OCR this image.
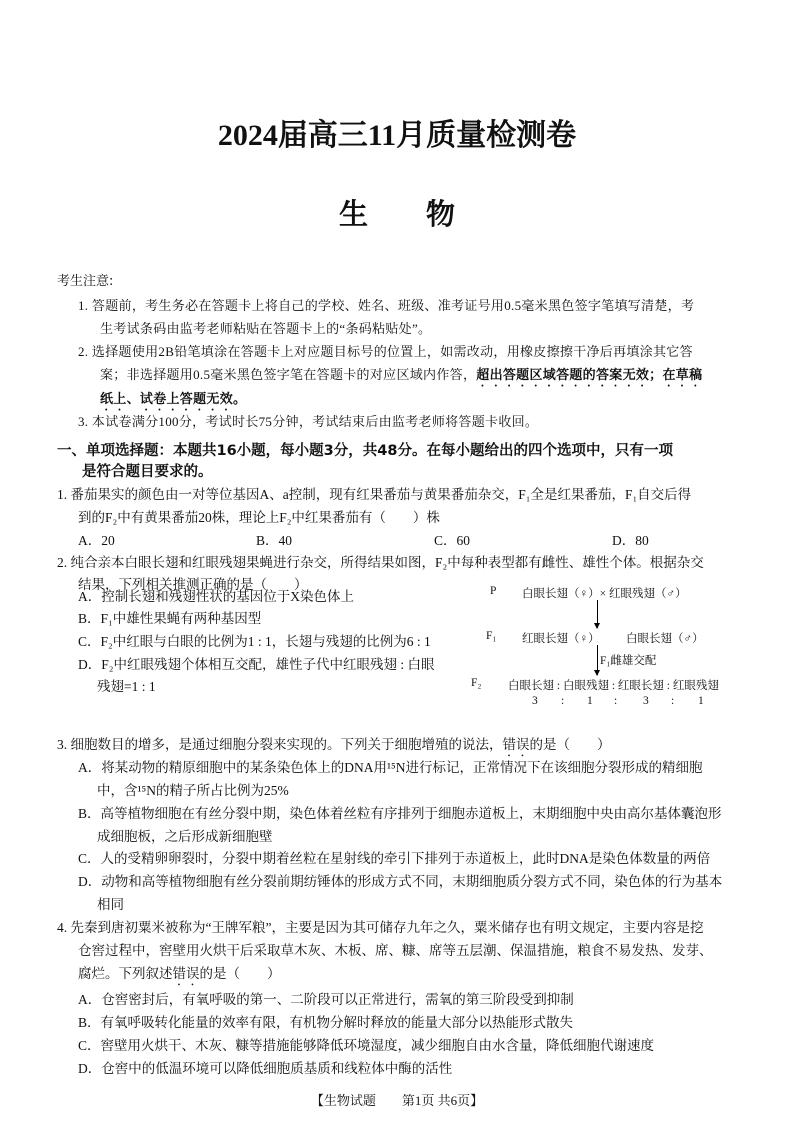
2024届高三11月质量检测卷
生　　物
考生注意:
1. 答题前，考生务必在答题卡上将自己的学校、姓名、班级、准考证号用0.5毫米黑色签字笔填写清楚，考
生考试条码由监考老师粘贴在答题卡上的“条码粘贴处”。
2. 选择题使用2B铅笔填涂在答题卡上对应题目标号的位置上，如需改动，用橡皮擦擦干净后再填涂其它答
案；非选择题用0.5毫米黑色签字笔在答题卡的对应区域内作答，超出答题区域答题的答案无效；在草稿
纸上、试卷上答题无效。
3. 本试卷满分100分，考试时长75分钟，考试结束后由监考老师将答题卡收回。
一、单项选择题：本题共16小题，每小题3分，共48分。在每小题给出的四个选项中，只有一项
是符合题目要求的。
1. 番茄果实的颜色由一对等位基因A、a控制，现有红果番茄与黄果番茄杂交，F₁全是红果番茄，F₁自交后得
到的F₂中有黄果番茄20株，理论上F₂中红果番茄有（　　）株
A．20	B．40	C．60	D．80
2. 纯合亲本白眼长翅和红眼残翅果蝇进行杂交，所得结果如图，F₂中每种表型都有雌性、雄性个体。根据杂交
结果，下列相关推测正确的是（　　）
A．控制长翅和残翅性状的基因位于X染色体上
B．F₁中雄性果蝇有两种基因型
C．F₂中红眼与白眼的比例为1 : 1，长翅与残翅的比例为6 : 1
D．F₂中红眼残翅个体相互交配，雄性子代中红眼残翅 : 白眼
残翅=1 : 1
P 白眼长翅（♀）× 红眼残翅（♂）
F₁ 红眼长翅（♀） 白眼长翅（♂）
F₁雌雄交配
F₂ 白眼长翅 : 白眼残翅 : 红眼长翅 : 红眼残翅
3 : 1 : 3 : 1
3. 细胞数目的增多，是通过细胞分裂来实现的。下列关于细胞增殖的说法，错误的是（　　）
A．将某动物的精原细胞中的某条染色体上的DNA用¹⁵N进行标记，正常情况下在该细胞分裂形成的精细胞
中，含¹⁵N的精子所占比例为25%
B．高等植物细胞在有丝分裂中期，染色体着丝粒有序排列于细胞赤道板上，末期细胞中央由高尔基体囊泡形
成细胞板，之后形成新细胞壁
C．人的受精卵卵裂时，分裂中期着丝粒在星射线的牵引下排列于赤道板上，此时DNA是染色体数量的两倍
D．动物和高等植物细胞有丝分裂前期纺锤体的形成方式不同，末期细胞质分裂方式不同，染色体的行为基本
相同
4. 先秦到唐初粟米被称为“王牌军粮”，主要是因为其可储存九年之久，粟米储存也有明文规定，主要内容是挖
仓窖过程中，窖壁用火烘干后采取草木灰、木板、席、糠、席等五层潮、保温措施，粮食不易发热、发芽、
腐烂。下列叙述错误的是（　　）
A．仓窖密封后，有氧呼吸的第一、二阶段可以正常进行，需氧的第三阶段受到抑制
B．有氧呼吸转化能量的效率有限，有机物分解时释放的能量大部分以热能形式散失
C．窖壁用火烘干、木灰、糠等措施能够降低环境湿度，减少细胞自由水含量，降低细胞代谢速度
D．仓窖中的低温环境可以降低细胞质基质和线粒体中酶的活性
【生物试题　　第1页 共6页】
